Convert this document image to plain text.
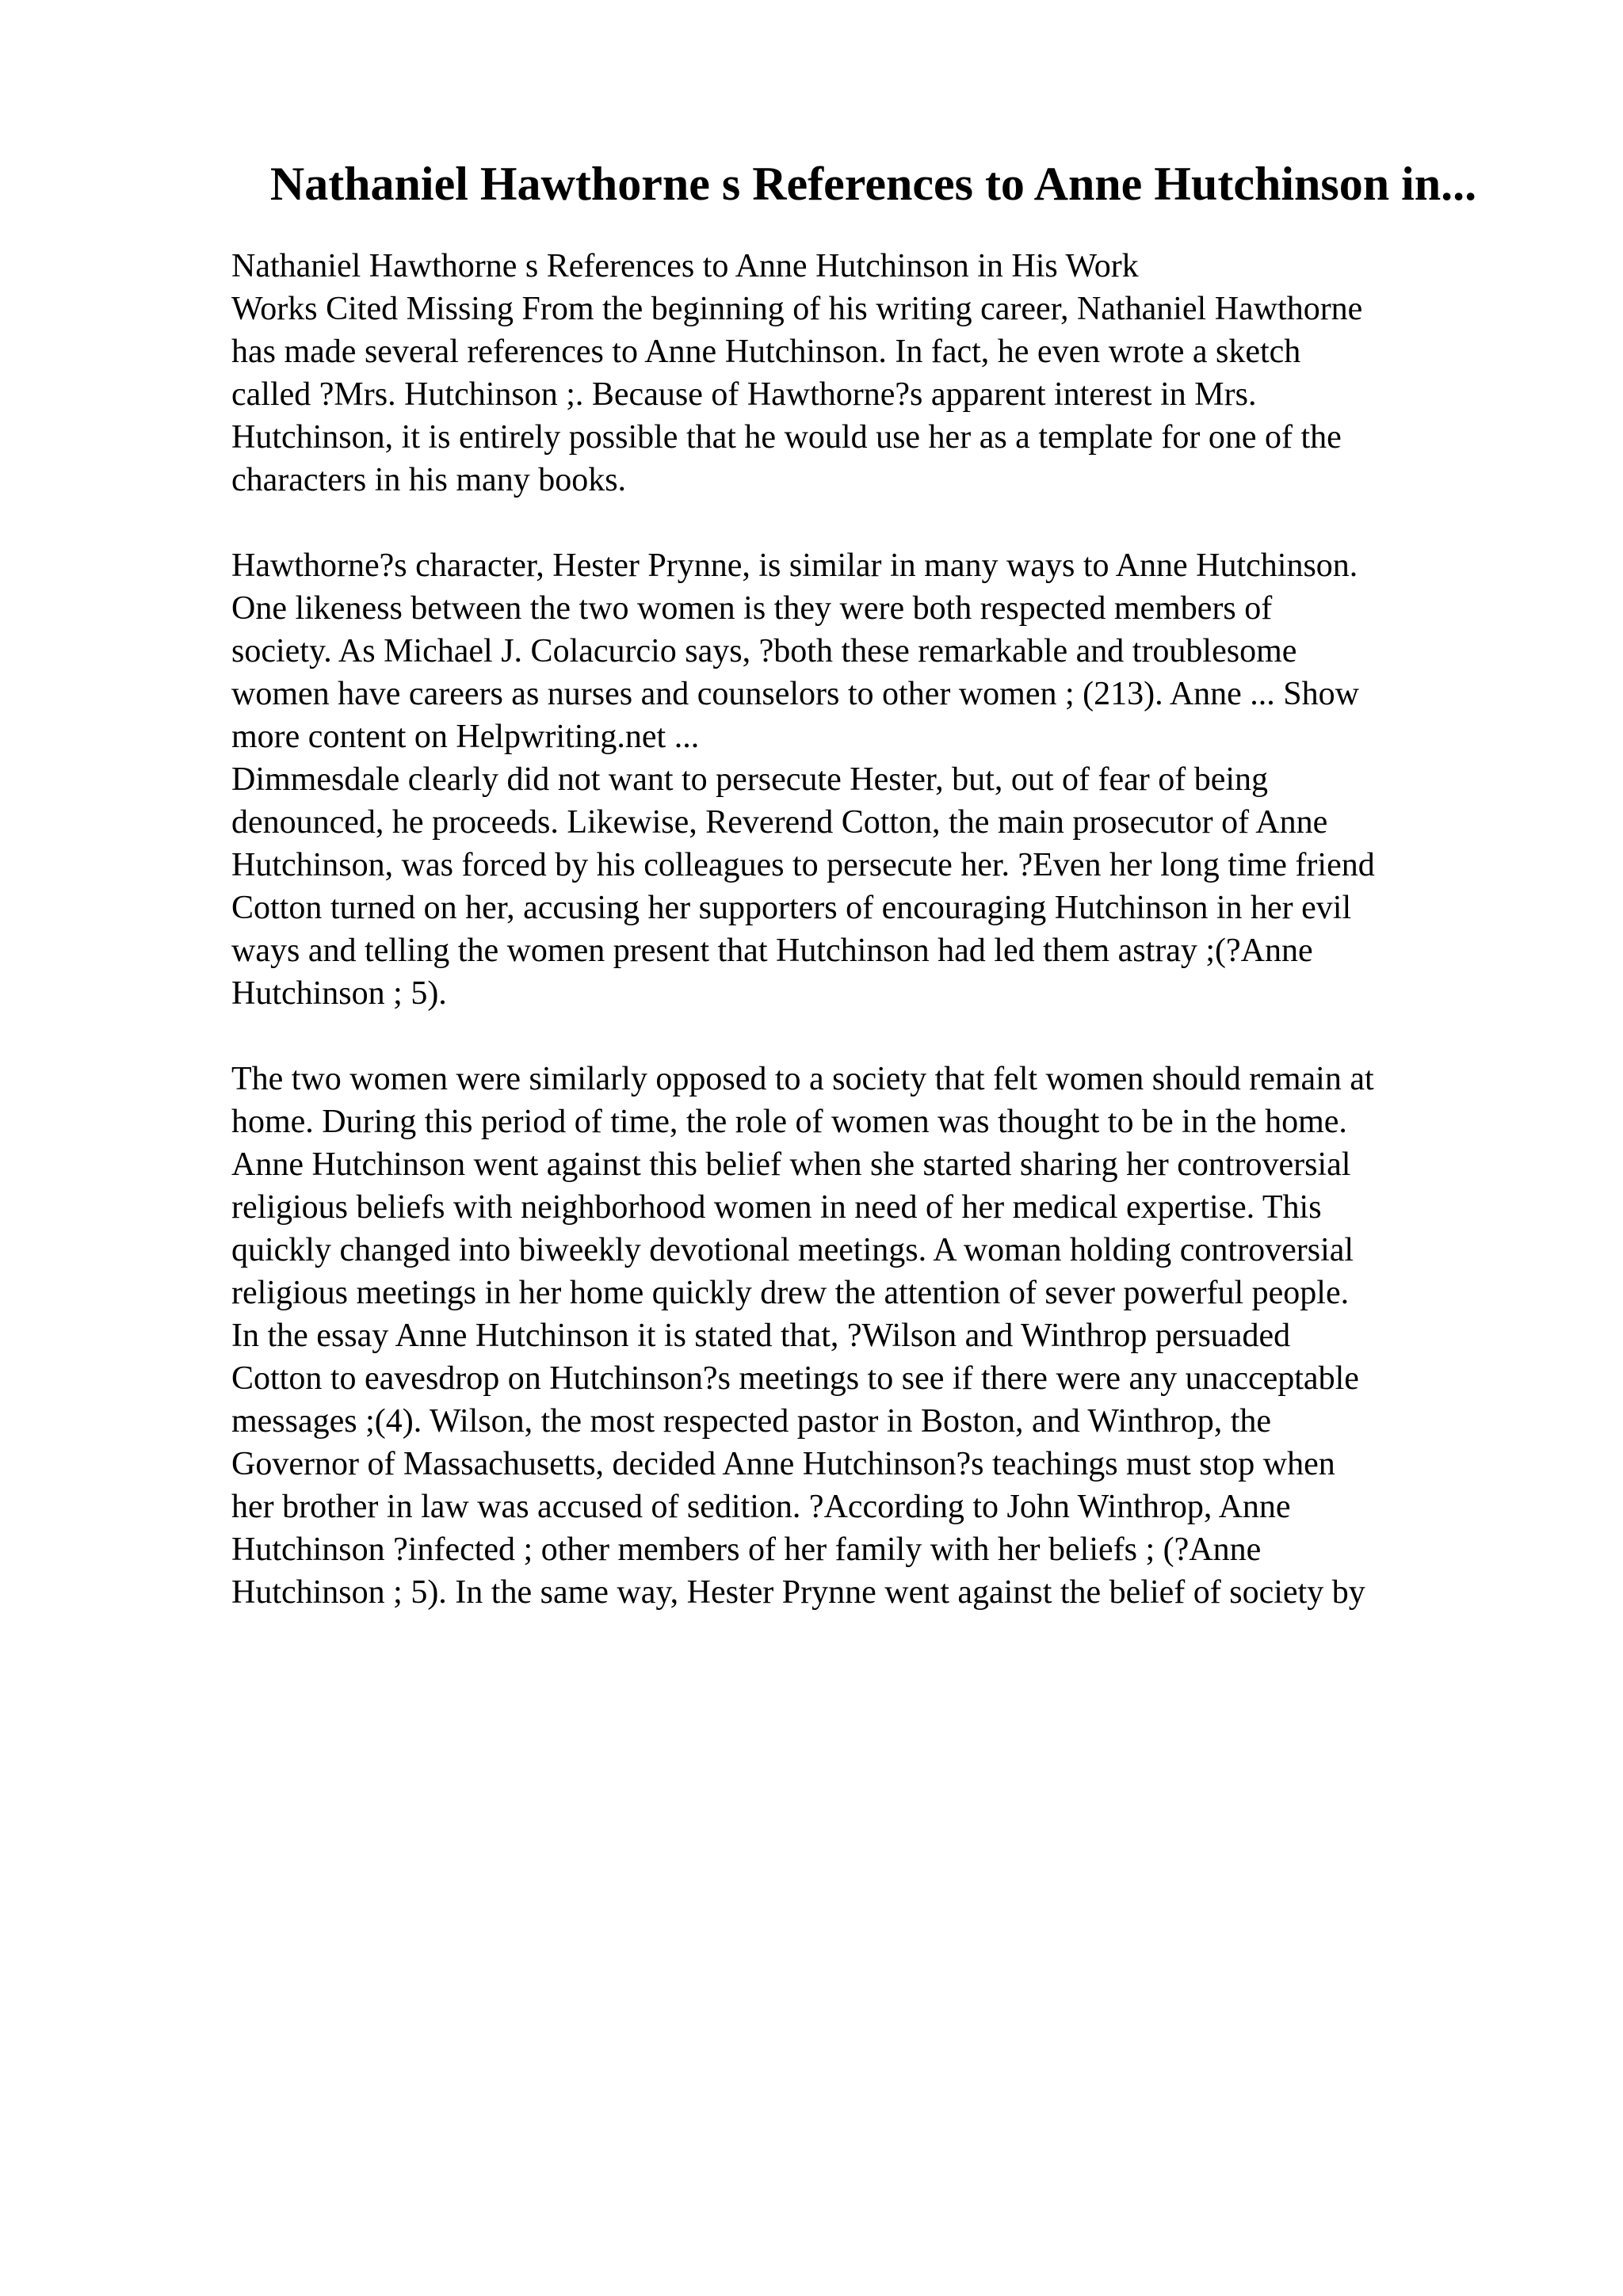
Nathaniel Hawthorne s References to Anne Hutchinson in...
Nathaniel Hawthorne s References to Anne Hutchinson in His Work
Works Cited Missing From the beginning of his writing career, Nathaniel Hawthorne
has made several references to Anne Hutchinson. In fact, he even wrote a sketch
called ?Mrs. Hutchinson ;. Because of Hawthorne?s apparent interest in Mrs.
Hutchinson, it is entirely possible that he would use her as a template for one of the
characters in his many books.
Hawthorne?s character, Hester Prynne, is similar in many ways to Anne Hutchinson.
One likeness between the two women is they were both respected members of
society. As Michael J. Colacurcio says, ?both these remarkable and troublesome
women have careers as nurses and counselors to other women ; (213). Anne ... Show
more content on Helpwriting.net ...
Dimmesdale clearly did not want to persecute Hester, but, out of fear of being
denounced, he proceeds. Likewise, Reverend Cotton, the main prosecutor of Anne
Hutchinson, was forced by his colleagues to persecute her. ?Even her long time friend
Cotton turned on her, accusing her supporters of encouraging Hutchinson in her evil
ways and telling the women present that Hutchinson had led them astray ;(?Anne
Hutchinson ; 5).
The two women were similarly opposed to a society that felt women should remain at
home. During this period of time, the role of women was thought to be in the home.
Anne Hutchinson went against this belief when she started sharing her controversial
religious beliefs with neighborhood women in need of her medical expertise. This
quickly changed into biweekly devotional meetings. A woman holding controversial
religious meetings in her home quickly drew the attention of sever powerful people.
In the essay Anne Hutchinson it is stated that, ?Wilson and Winthrop persuaded
Cotton to eavesdrop on Hutchinson?s meetings to see if there were any unacceptable
messages ;(4). Wilson, the most respected pastor in Boston, and Winthrop, the
Governor of Massachusetts, decided Anne Hutchinson?s teachings must stop when
her brother in law was accused of sedition. ?According to John Winthrop, Anne
Hutchinson ?infected ; other members of her family with her beliefs ; (?Anne
Hutchinson ; 5). In the same way, Hester Prynne went against the belief of society by
